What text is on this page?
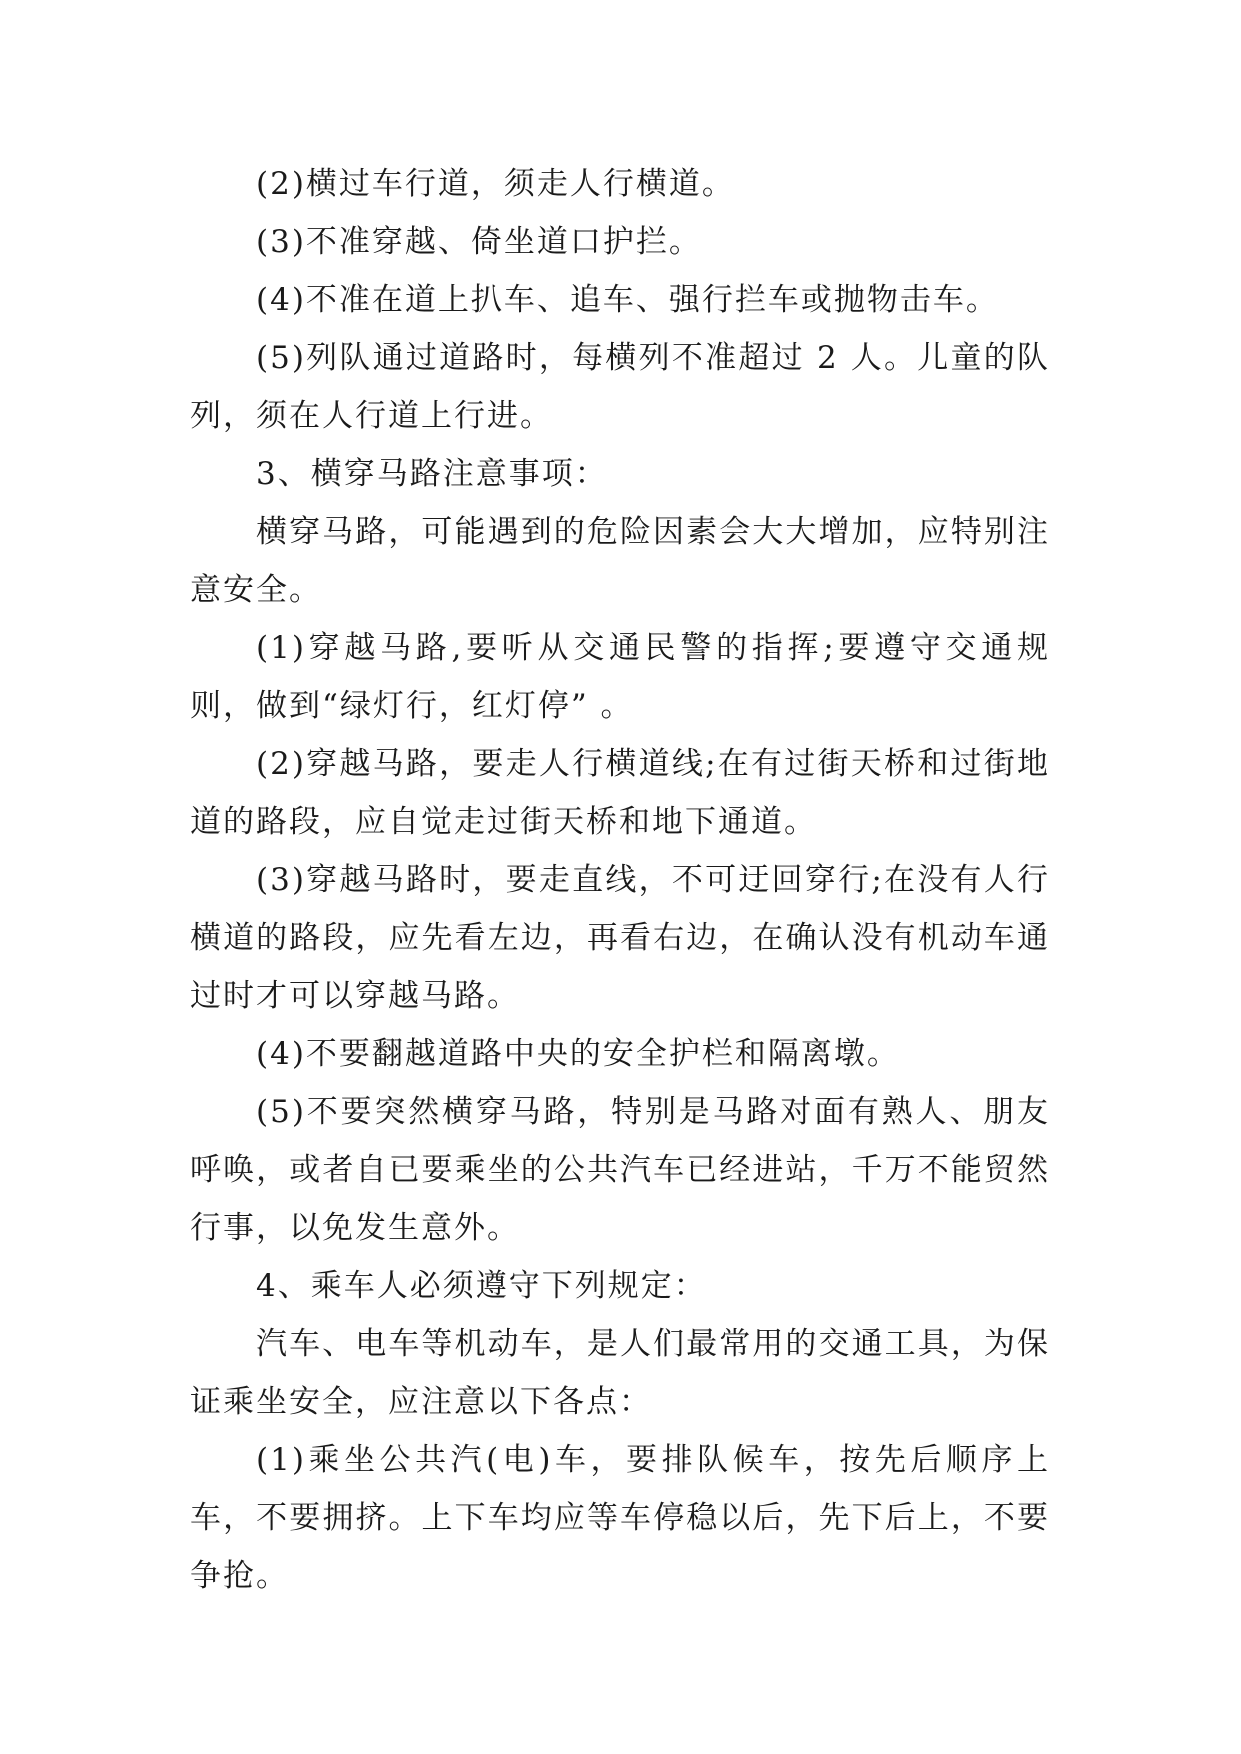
(2)横过车行道，须走人行横道。

(3)不准穿越、倚坐道口护拦。

(4)不准在道上扒车、追车、强行拦车或抛物击车。

(5)列队通过道路时，每横列不准超过 2 人。儿童的队列，须在人行道上行进。

3、横穿马路注意事项：

横穿马路，可能遇到的危险因素会大大增加，应特别注意安全。

(1)穿越马路,要听从交通民警的指挥;要遵守交通规则，做到“绿灯行，红灯停” 。

(2)穿越马路，要走人行横道线;在有过街天桥和过街地道的路段，应自觉走过街天桥和地下通道。

(3)穿越马路时，要走直线，不可迂回穿行;在没有人行横道的路段，应先看左边，再看右边，在确认没有机动车通过时才可以穿越马路。

(4)不要翻越道路中央的安全护栏和隔离墩。

(5)不要突然横穿马路，特别是马路对面有熟人、朋友呼唤，或者自已要乘坐的公共汽车已经进站，千万不能贸然行事，以免发生意外。

4、乘车人必须遵守下列规定：

汽车、电车等机动车，是人们最常用的交通工具，为保证乘坐安全，应注意以下各点：

(1)乘坐公共汽(电)车，要排队候车，按先后顺序上车，不要拥挤。上下车均应等车停稳以后，先下后上，不要争抢。
